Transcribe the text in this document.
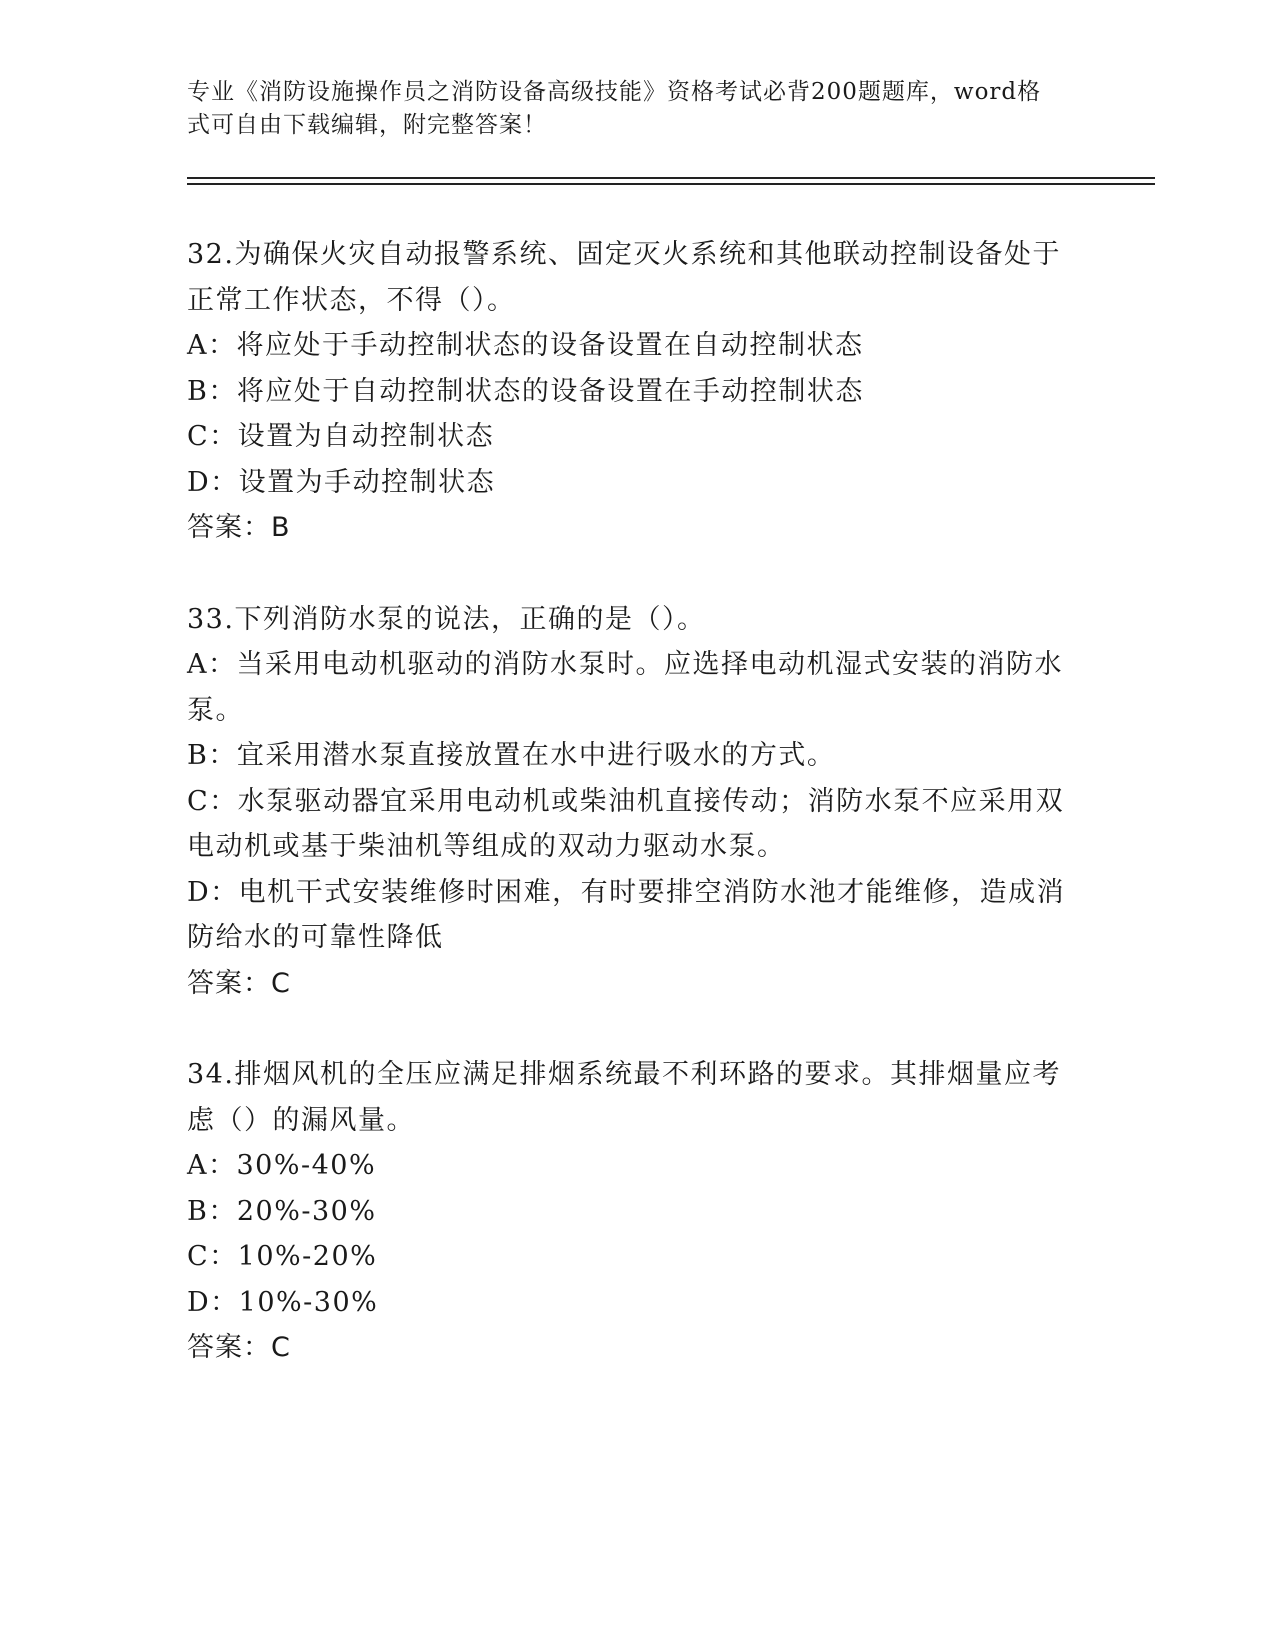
专业《消防设施操作员之消防设备高级技能》资格考试必背200题题库，word格
式可自由下载编辑，附完整答案！
32.为确保火灾自动报警系统、固定灭火系统和其他联动控制设备处于
正常工作状态，不得（）。
A：将应处于手动控制状态的设备设置在自动控制状态
B：将应处于自动控制状态的设备设置在手动控制状态
C：设置为自动控制状态
D：设置为手动控制状态
答案：B
33.下列消防水泵的说法，正确的是（）。
A：当采用电动机驱动的消防水泵时。应选择电动机湿式安装的消防水
泵。
B：宜采用潜水泵直接放置在水中进行吸水的方式。
C：水泵驱动器宜采用电动机或柴油机直接传动；消防水泵不应采用双
电动机或基于柴油机等组成的双动力驱动水泵。
D：电机干式安装维修时困难，有时要排空消防水池才能维修，造成消
防给水的可靠性降低
答案：C
34.排烟风机的全压应满足排烟系统最不利环路的要求。其排烟量应考
虑（）的漏风量。
A：30%-40%
B：20%-30%
C：10%-20%
D：10%-30%
答案：C
